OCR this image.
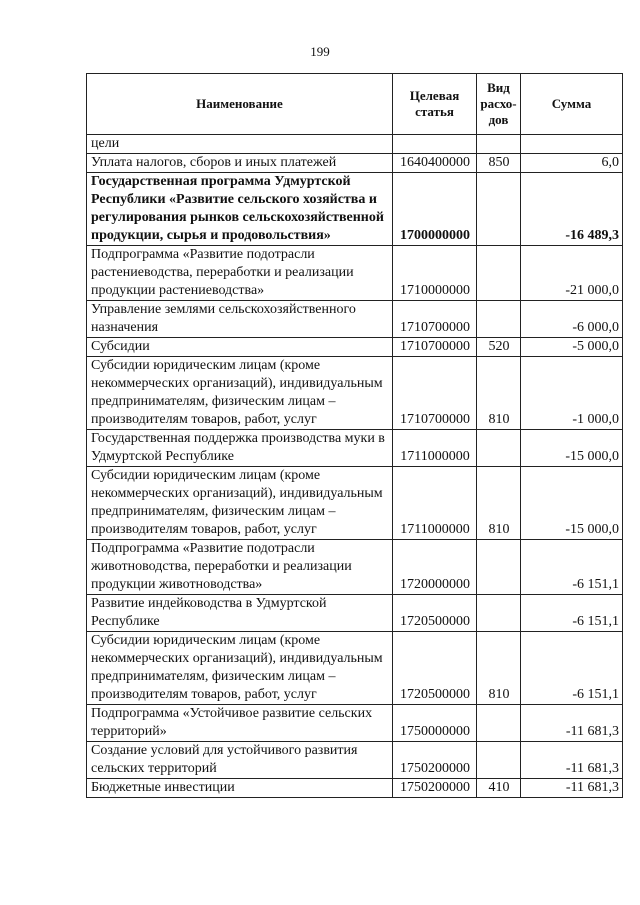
199
Наименование	Целевая статья	Вид расхо-дов	Сумма
цели			
Уплата налогов, сборов и иных платежей	1640400000	850	6,0
Государственная программа Удмуртской Республики «Развитие сельского хозяйства и регулирования рынков сельскохозяйственной продукции, сырья и продовольствия»	1700000000		-16 489,3
Подпрограмма «Развитие подотрасли растениеводства, переработки и реализации продукции растениеводства»	1710000000		-21 000,0
Управление землями сельскохозяйственного назначения	1710700000		-6 000,0
Субсидии	1710700000	520	-5 000,0
Субсидии юридическим лицам (кроме некоммерческих организаций), индивидуальным предпринимателям, физическим лицам – производителям товаров, работ, услуг	1710700000	810	-1 000,0
Государственная поддержка производства муки в Удмуртской Республике	1711000000		-15 000,0
Субсидии юридическим лицам (кроме некоммерческих организаций), индивидуальным предпринимателям, физическим лицам – производителям товаров, работ, услуг	1711000000	810	-15 000,0
Подпрограмма «Развитие подотрасли животноводства, переработки и реализации продукции животноводства»	1720000000		-6 151,1
Развитие индейководства в Удмуртской Республике	1720500000		-6 151,1
Субсидии юридическим лицам (кроме некоммерческих организаций), индивидуальным предпринимателям, физическим лицам – производителям товаров, работ, услуг	1720500000	810	-6 151,1
Подпрограмма «Устойчивое развитие сельских территорий»	1750000000		-11 681,3
Создание условий для устойчивого развития сельских территорий	1750200000		-11 681,3
Бюджетные инвестиции	1750200000	410	-11 681,3
